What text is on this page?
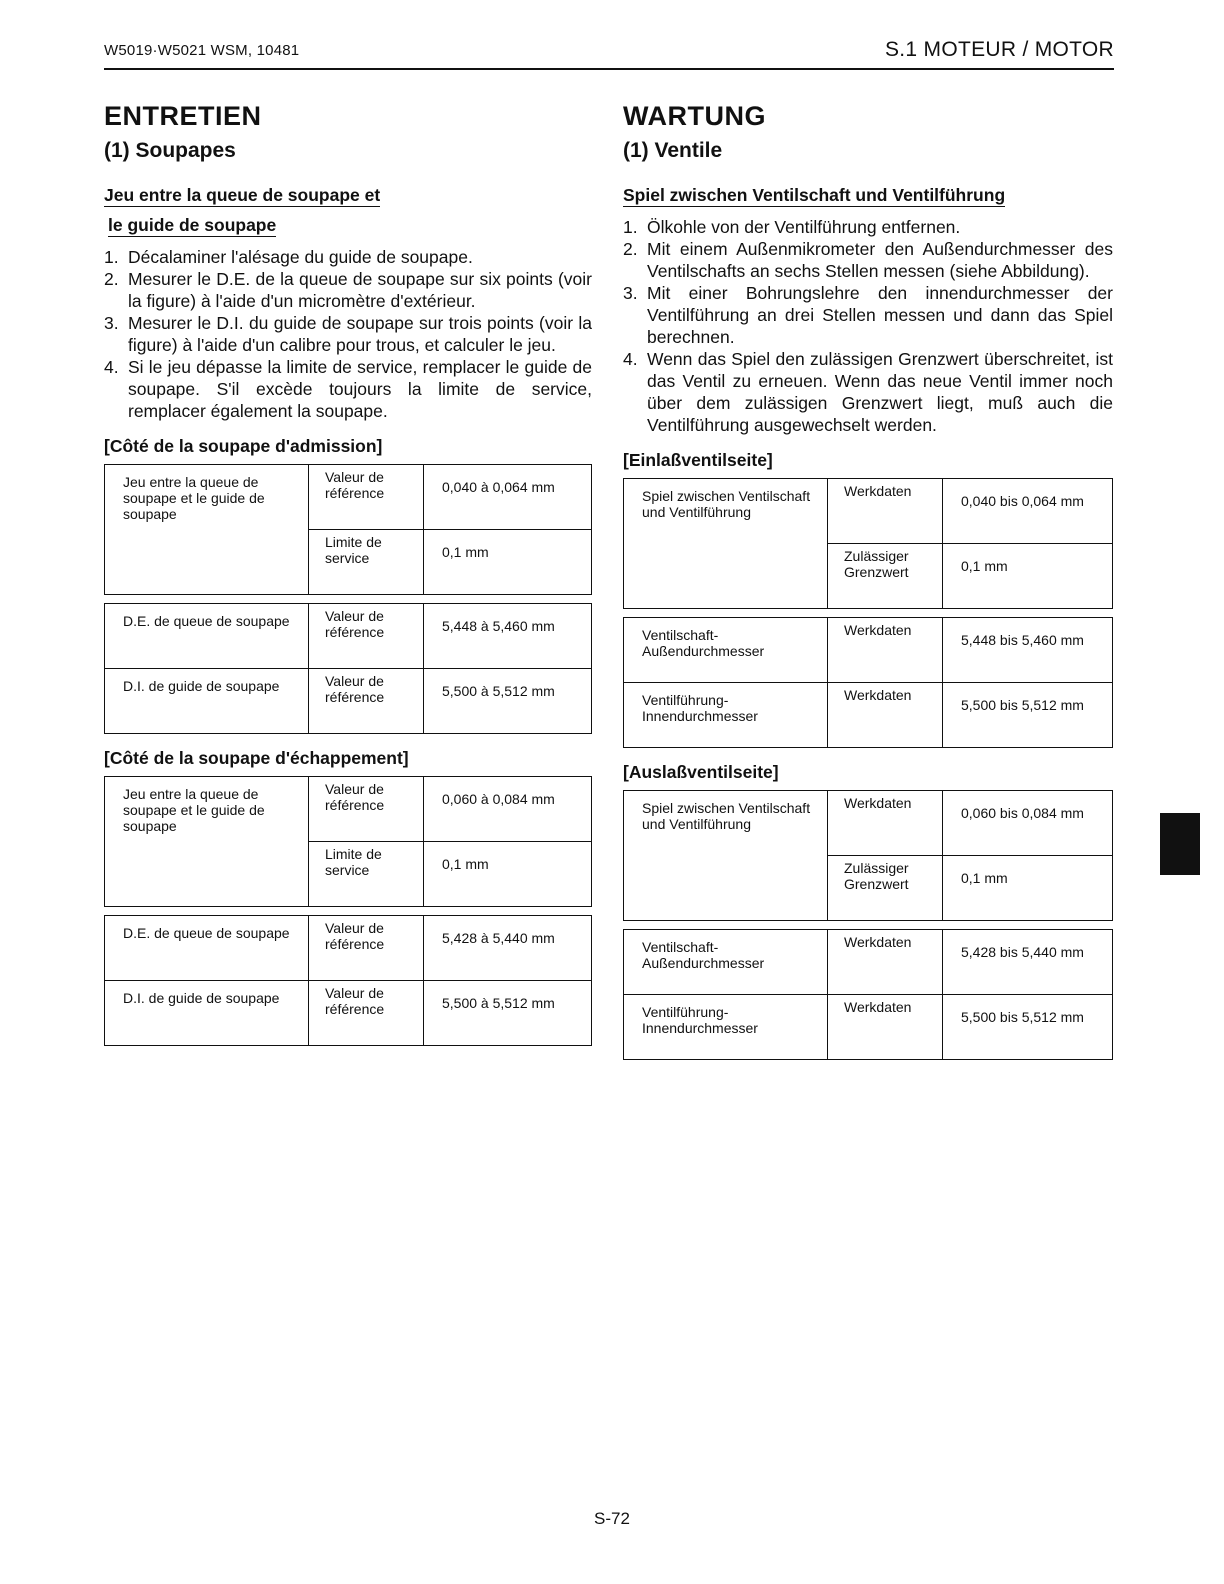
W5019·W5021 WSM, 10481	S.1 MOTEUR / MOTOR
ENTRETIEN
(1) Soupapes
Jeu entre la queue de soupape et
le guide de soupape
1. Décalaminer l'alésage du guide de soupape.
2. Mesurer le D.E. de la queue de soupape sur six points (voir la figure) à l'aide d'un micromètre d'extérieur.
3. Mesurer le D.I. du guide de soupape sur trois points (voir la figure) à l'aide d'un calibre pour trous, et calculer le jeu.
4. Si le jeu dépasse la limite de service, remplacer le guide de soupape. S'il excède toujours la limite de service, remplacer également la soupape.
[Côté de la soupape d'admission]
Jeu entre la queue de soupape et le guide de soupape	Valeur de référence	0,040 à 0,064 mm
	Limite de service	0,1 mm
D.E. de queue de soupape	Valeur de référence	5,448 à 5,460 mm
D.I. de guide de soupape	Valeur de référence	5,500 à 5,512 mm
[Côté de la soupape d'échappement]
Jeu entre la queue de soupape et le guide de soupape	Valeur de référence	0,060 à 0,084 mm
	Limite de service	0,1 mm
D.E. de queue de soupape	Valeur de référence	5,428 à 5,440 mm
D.I. de guide de soupape	Valeur de référence	5,500 à 5,512 mm
WARTUNG
(1) Ventile
Spiel zwischen Ventilschaft und Ventilführung
1. Ölkohle von der Ventilführung entfernen.
2. Mit einem Außenmikrometer den Außendurchmesser des Ventilschafts an sechs Stellen messen (siehe Abbildung).
3. Mit einer Bohrungslehre den innendurchmesser der Ventilführung an drei Stellen messen und dann das Spiel berechnen.
4. Wenn das Spiel den zulässigen Grenzwert überschreitet, ist das Ventil zu erneuen. Wenn das neue Ventil immer noch über dem zulässigen Grenzwert liegt, muß auch die Ventilführung ausgewechselt werden.
[Einlaßventilseite]
Spiel zwischen Ventilschaft und Ventilführung	Werkdaten	0,040 bis 0,064 mm
	Zulässiger Grenzwert	0,1 mm
Ventilschaft-Außendurchmesser	Werkdaten	5,448 bis 5,460 mm
Ventilführung-Innendurchmesser	Werkdaten	5,500 bis 5,512 mm
[Auslaßventilseite]
Spiel zwischen Ventilschaft und Ventilführung	Werkdaten	0,060 bis 0,084 mm
	Zulässiger Grenzwert	0,1 mm
Ventilschaft-Außendurchmesser	Werkdaten	5,428 bis 5,440 mm
Ventilführung-Innendurchmesser	Werkdaten	5,500 bis 5,512 mm
S-72
